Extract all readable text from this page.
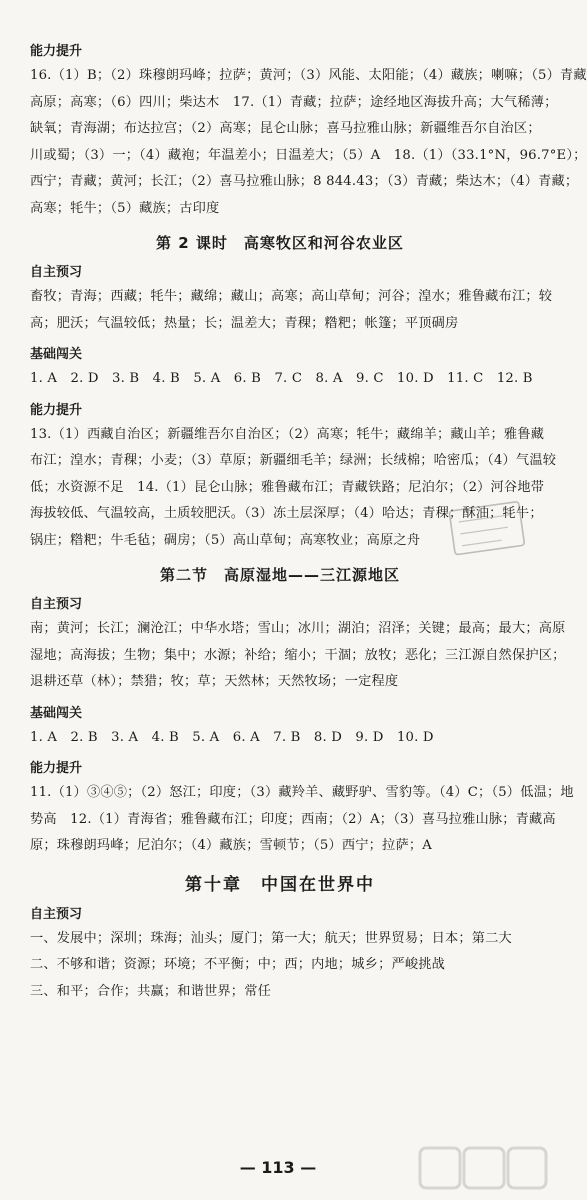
能力提升
16.（1）B；（2）珠穆朗玛峰；拉萨；黄河；（3）风能、太阳能；（4）藏族；喇嘛；（5）青藏
高原；高寒；（6）四川；柴达木　17.（1）青藏；拉萨；途经地区海拔升高；大气稀薄；
缺氧；青海湖；布达拉宫；（2）高寒；昆仑山脉；喜马拉雅山脉；新疆维吾尔自治区；
川或蜀；（3）一；（4）藏袍；年温差小；日温差大；（5）A　18.（1）（33.1°N，96.7°E）；
西宁；青藏；黄河；长江；（2）喜马拉雅山脉；8 844.43；（3）青藏；柴达木；（4）青藏；
高寒；牦牛；（5）藏族；古印度
第 2 课时　高寒牧区和河谷农业区
自主预习
畜牧；青海；西藏；牦牛；藏绵；藏山；高寒；高山草甸；河谷；湟水；雅鲁藏布江；较
高；肥沃；气温较低；热量；长；温差大；青稞；糌粑；帐篷；平顶碉房
基础闯关
1. A　2. D　3. B　4. B　5. A　6. B　7. C　8. A　9. C　10. D　11. C　12. B
能力提升
13.（1）西藏自治区；新疆维吾尔自治区；（2）高寒；牦牛；藏绵羊；藏山羊；雅鲁藏
布江；湟水；青稞；小麦；（3）草原；新疆细毛羊；绿洲；长绒棉；哈密瓜；（4）气温较
低；水资源不足　14.（1）昆仑山脉；雅鲁藏布江；青藏铁路；尼泊尔；（2）河谷地带
海拔较低、气温较高，土质较肥沃。（3）冻土层深厚；（4）哈达；青稞；酥油；牦牛；
锅庄；糌粑；牛毛毡；碉房；（5）高山草甸；高寒牧业；高原之舟
第二节　高原湿地——三江源地区
自主预习
南；黄河；长江；澜沧江；中华水塔；雪山；冰川；湖泊；沼泽；关键；最高；最大；高原
湿地；高海拔；生物；集中；水源；补给；缩小；干涸；放牧；恶化；三江源自然保护区；
退耕还草（林）；禁猎；牧；草；天然林；天然牧场；一定程度
基础闯关
1. A　2. B　3. A　4. B　5. A　6. A　7. B　8. D　9. D　10. D
能力提升
11.（1）③④⑤；（2）怒江；印度；（3）藏羚羊、藏野驴、雪豹等。（4）C；（5）低温；地
势高　12.（1）青海省；雅鲁藏布江；印度；西南；（2）A；（3）喜马拉雅山脉；青藏高
原；珠穆朗玛峰；尼泊尔；（4）藏族；雪顿节；（5）西宁；拉萨；A
第十章　中国在世界中
自主预习
一、发展中；深圳；珠海；汕头；厦门；第一大；航天；世界贸易；日本；第二大
二、不够和谐；资源；环境；不平衡；中；西；内地；城乡；严峻挑战
三、和平；合作；共赢；和谐世界；常任
— 113 —
